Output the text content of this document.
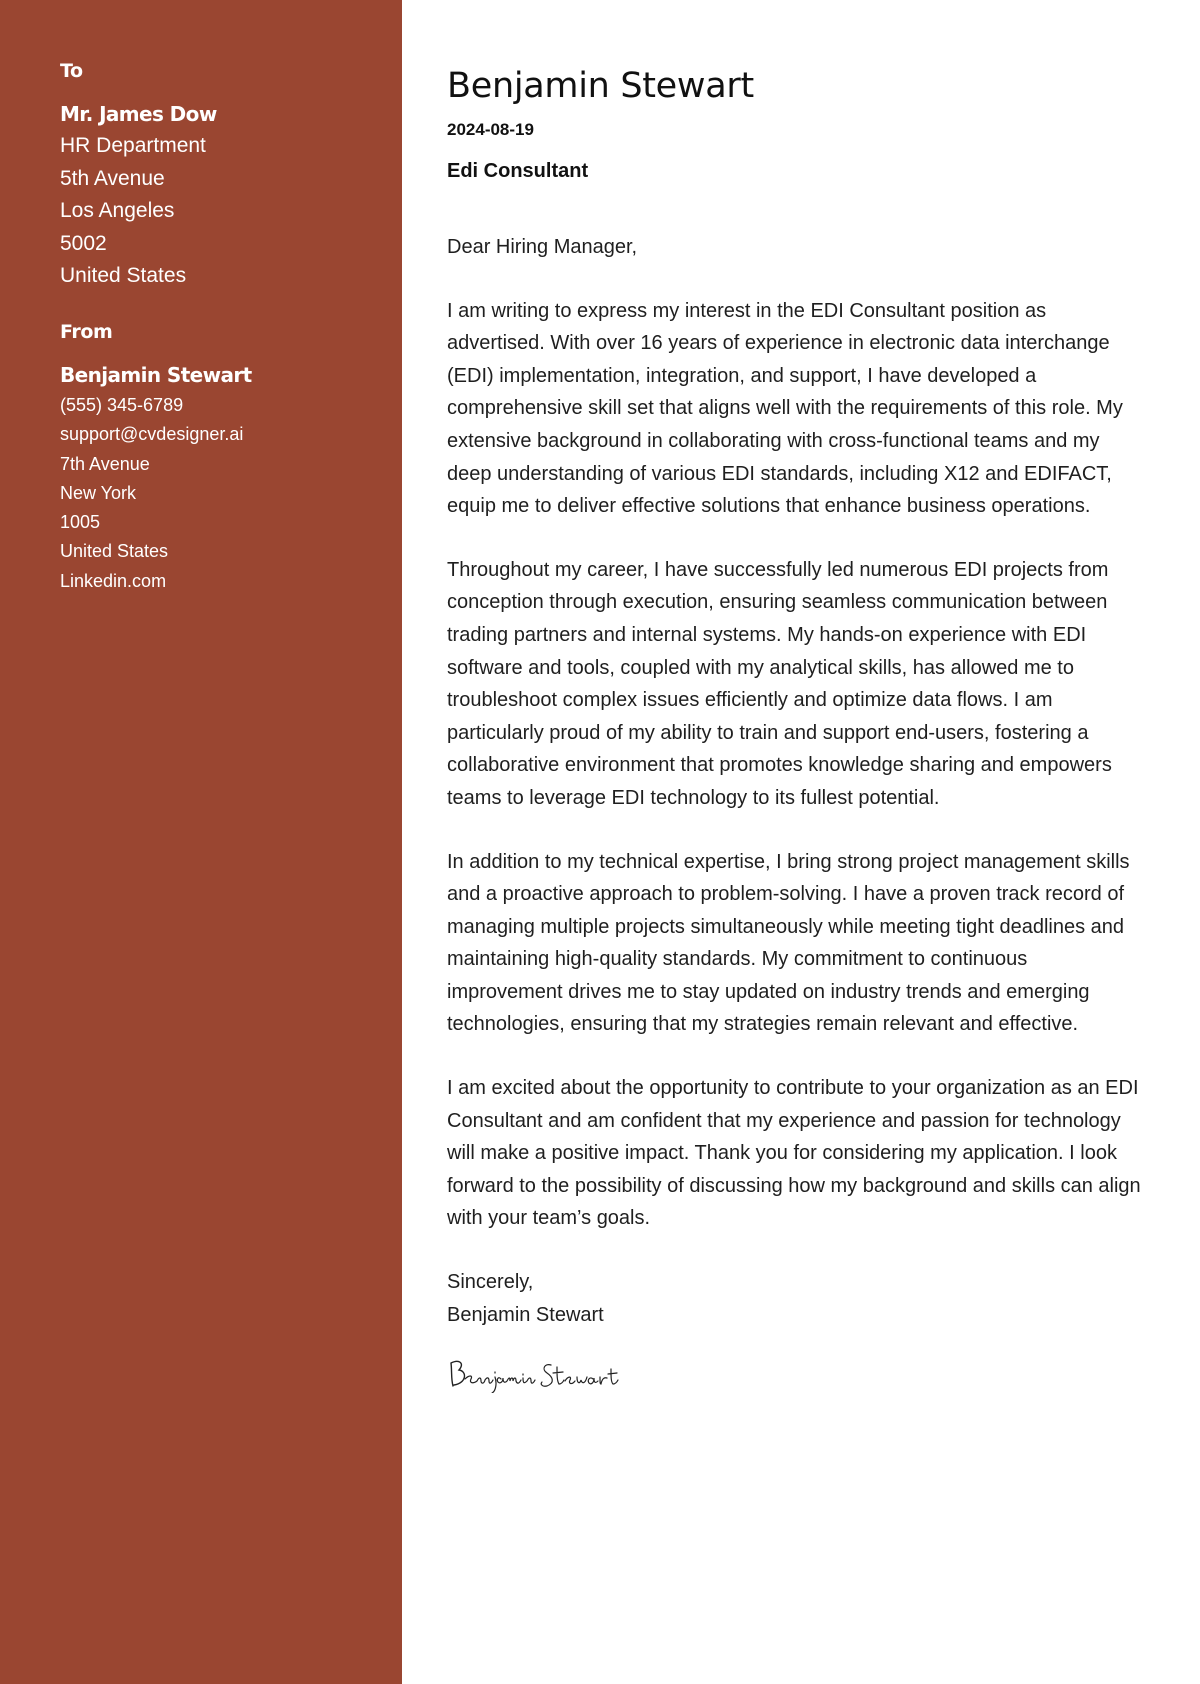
To
Mr. James Dow
HR Department
5th Avenue
Los Angeles
5002
United States
From
Benjamin Stewart
(555) 345-6789
support@cvdesigner.ai
7th Avenue
New York
1005
United States
Linkedin.com
Benjamin Stewart
2024-08-19
Edi Consultant
Dear Hiring Manager,
I am writing to express my interest in the EDI Consultant position as advertised. With over 16 years of experience in electronic data interchange (EDI) implementation, integration, and support, I have developed a comprehensive skill set that aligns well with the requirements of this role. My extensive background in collaborating with cross-functional teams and my deep understanding of various EDI standards, including X12 and EDIFACT, equip me to deliver effective solutions that enhance business operations.
Throughout my career, I have successfully led numerous EDI projects from conception through execution, ensuring seamless communication between trading partners and internal systems. My hands-on experience with EDI software and tools, coupled with my analytical skills, has allowed me to troubleshoot complex issues efficiently and optimize data flows. I am particularly proud of my ability to train and support end-users, fostering a collaborative environment that promotes knowledge sharing and empowers teams to leverage EDI technology to its fullest potential.
In addition to my technical expertise, I bring strong project management skills and a proactive approach to problem-solving. I have a proven track record of managing multiple projects simultaneously while meeting tight deadlines and maintaining high-quality standards. My commitment to continuous improvement drives me to stay updated on industry trends and emerging technologies, ensuring that my strategies remain relevant and effective.
I am excited about the opportunity to contribute to your organization as an EDI Consultant and am confident that my experience and passion for technology will make a positive impact. Thank you for considering my application. I look forward to the possibility of discussing how my background and skills can align with your team’s goals.
Sincerely,
Benjamin Stewart
